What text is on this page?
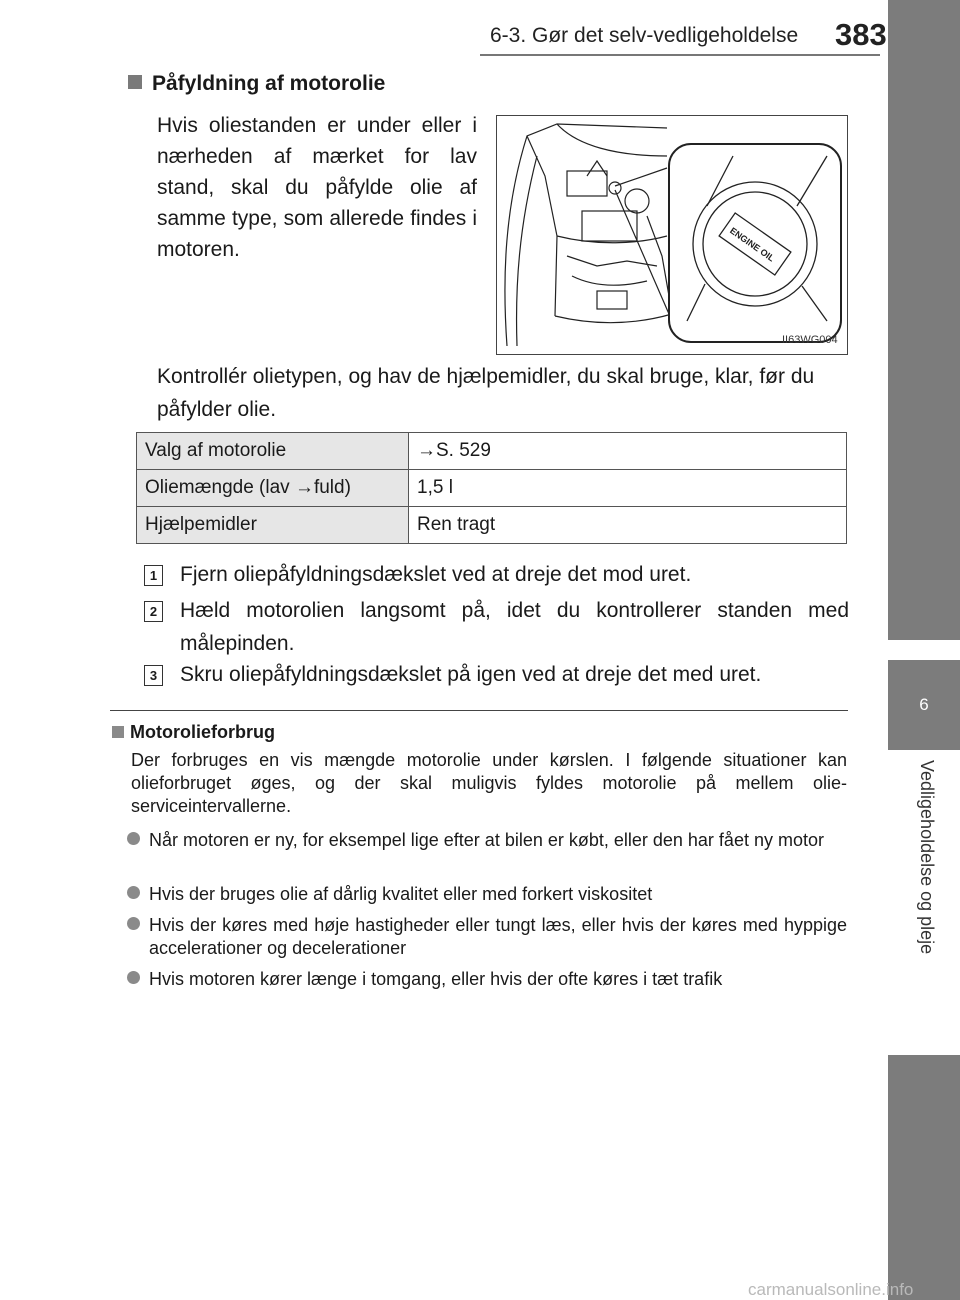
6-3. Gør det selv-vedligeholdelse 383
6
Vedligeholdelse og pleje
Påfyldning af motorolie
Hvis oliestanden er under eller i nærheden af mærket for lav stand, skal du påfylde olie af samme type, som allerede findes i motoren.	ENGINE OIL
II63WG004
Kontrollér olietypen, og hav de hjælpemidler, du skal bruge, klar, før du påfylder olie.
Valg af motorolie	→S. 529
Oliemængde (lav →fuld)	1,5 l
Hjælpemidler	Ren tragt
1 Fjern oliepåfyldningsdækslet ved at dreje det mod uret.
2 Hæld motorolien langsomt på, idet du kontrollerer standen med målepinden.
3 Skru oliepåfyldningsdækslet på igen ved at dreje det med uret.
Motorolieforbrug
Der forbruges en vis mængde motorolie under kørslen. I følgende situationer kan olieforbruget øges, og der skal muligvis fyldes motorolie på mellem olie-serviceintervallerne.
Når motoren er ny, for eksempel lige efter at bilen er købt, eller den har fået ny motor
Hvis der bruges olie af dårlig kvalitet eller med forkert viskositet
Hvis der køres med høje hastigheder eller tungt læs, eller hvis der køres med hyppige accelerationer og decelerationer
Hvis motoren kører længe i tomgang, eller hvis der ofte køres i tæt trafik
carmanualsonline.info
